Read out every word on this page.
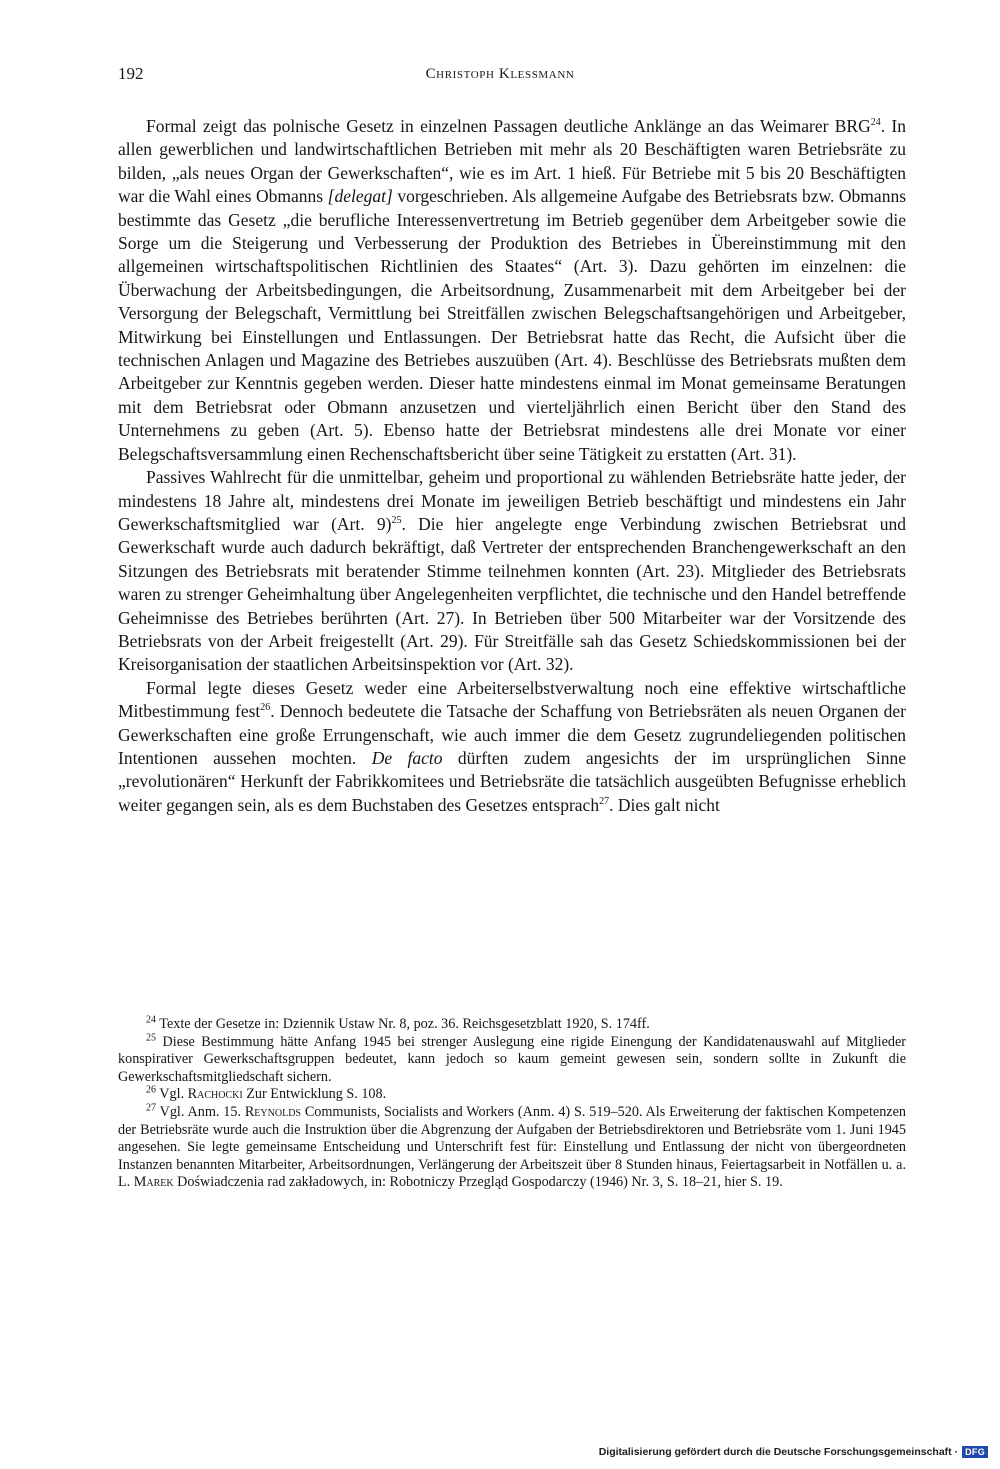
192	Christoph Klessmann

Formal zeigt das polnische Gesetz in einzelnen Passagen deutliche Anklänge an das Weimarer BRG$^{24}$. In allen gewerblichen und landwirtschaftlichen Betrieben mit mehr als 20 Beschäftigten waren Betriebsräte zu bilden, „als neues Organ der Gewerkschaften“, wie es im Art. 1 hieß. Für Betriebe mit 5 bis 20 Beschäftigten war die Wahl eines Obmanns [delegat] vorgeschrieben. Als allgemeine Aufgabe des Betriebsrats bzw. Obmanns bestimmte das Gesetz „die berufliche Interessenvertretung im Betrieb gegenüber dem Arbeitgeber sowie die Sorge um die Steigerung und Verbesserung der Produktion des Betriebes in Übereinstimmung mit den allgemeinen wirtschaftspolitischen Richtlinien des Staates“ (Art. 3). Dazu gehörten im einzelnen: die Überwachung der Arbeitsbedingungen, die Arbeitsordnung, Zusammenarbeit mit dem Arbeitgeber bei der Versorgung der Belegschaft, Vermittlung bei Streitfällen zwischen Belegschaftsangehörigen und Arbeitgeber, Mitwirkung bei Einstellungen und Entlassungen. Der Betriebsrat hatte das Recht, die Aufsicht über die technischen Anlagen und Magazine des Betriebes auszuüben (Art. 4). Beschlüsse des Betriebsrats mußten dem Arbeitgeber zur Kenntnis gegeben werden. Dieser hatte mindestens einmal im Monat gemeinsame Beratungen mit dem Betriebsrat oder Obmann anzusetzen und vierteljährlich einen Bericht über den Stand des Unternehmens zu geben (Art. 5). Ebenso hatte der Betriebsrat mindestens alle drei Monate vor einer Belegschaftsversammlung einen Rechenschaftsbericht über seine Tätigkeit zu erstatten (Art. 31).

Passives Wahlrecht für die unmittelbar, geheim und proportional zu wählenden Betriebsräte hatte jeder, der mindestens 18 Jahre alt, mindestens drei Monate im jeweiligen Betrieb beschäftigt und mindestens ein Jahr Gewerkschaftsmitglied war (Art. 9)$^{25}$. Die hier angelegte enge Verbindung zwischen Betriebsrat und Gewerkschaft wurde auch dadurch bekräftigt, daß Vertreter der entsprechenden Branchengewerkschaft an den Sitzungen des Betriebsrats mit beratender Stimme teilnehmen konnten (Art. 23). Mitglieder des Betriebsrats waren zu strenger Geheimhaltung über Angelegenheiten verpflichtet, die technische und den Handel betreffende Geheimnisse des Betriebes berührten (Art. 27). In Betrieben über 500 Mitarbeiter war der Vorsitzende des Betriebsrats von der Arbeit freigestellt (Art. 29). Für Streitfälle sah das Gesetz Schiedskommissionen bei der Kreisorganisation der staatlichen Arbeitsinspektion vor (Art. 32).

Formal legte dieses Gesetz weder eine Arbeiterselbstverwaltung noch eine effektive wirtschaftliche Mitbestimmung fest$^{26}$. Dennoch bedeutete die Tatsache der Schaffung von Betriebsräten als neuen Organen der Gewerkschaften eine große Errungenschaft, wie auch immer die dem Gesetz zugrundeliegenden politischen Intentionen aussehen mochten. De facto dürften zudem angesichts der im ursprünglichen Sinne „revolutionären“ Herkunft der Fabrikkomitees und Betriebsräte die tatsächlich ausgeübten Befugnisse erheblich weiter gegangen sein, als es dem Buchstaben des Gesetzes entsprach$^{27}$. Dies galt nicht

$^{24}$ Texte der Gesetze in: Dziennik Ustaw Nr. 8, poz. 36. Reichsgesetzblatt 1920, S. 174ff.

$^{25}$ Diese Bestimmung hätte Anfang 1945 bei strenger Auslegung eine rigide Einengung der Kandidatenauswahl auf Mitglieder konspirativer Gewerkschaftsgruppen bedeutet, kann jedoch so kaum gemeint gewesen sein, sondern sollte in Zukunft die Gewerkschaftsmitgliedschaft sichern.

$^{26}$ Vgl. Rachocki Zur Entwicklung S. 108.

$^{27}$ Vgl. Anm. 15. Reynolds Communists, Socialists and Workers (Anm. 4) S. 519–520. Als Erweiterung der faktischen Kompetenzen der Betriebsräte wurde auch die Instruktion über die Abgrenzung der Aufgaben der Betriebsdirektoren und Betriebsräte vom 1. Juni 1945 angesehen. Sie legte gemeinsame Entscheidung und Unterschrift fest für: Einstellung und Entlassung der nicht von übergeordneten Instanzen benannten Mitarbeiter, Arbeitsordnungen, Verlängerung der Arbeitszeit über 8 Stunden hinaus, Feiertagsarbeit in Notfällen u. a. L. Marek Doświadczenia rad zakładowych, in: Robotniczy Przegląd Gospodarczy (1946) Nr. 3, S. 18–21, hier S. 19.

Digitalisierung gefördert durch die Deutsche Forschungsgemeinschaft · DFG
